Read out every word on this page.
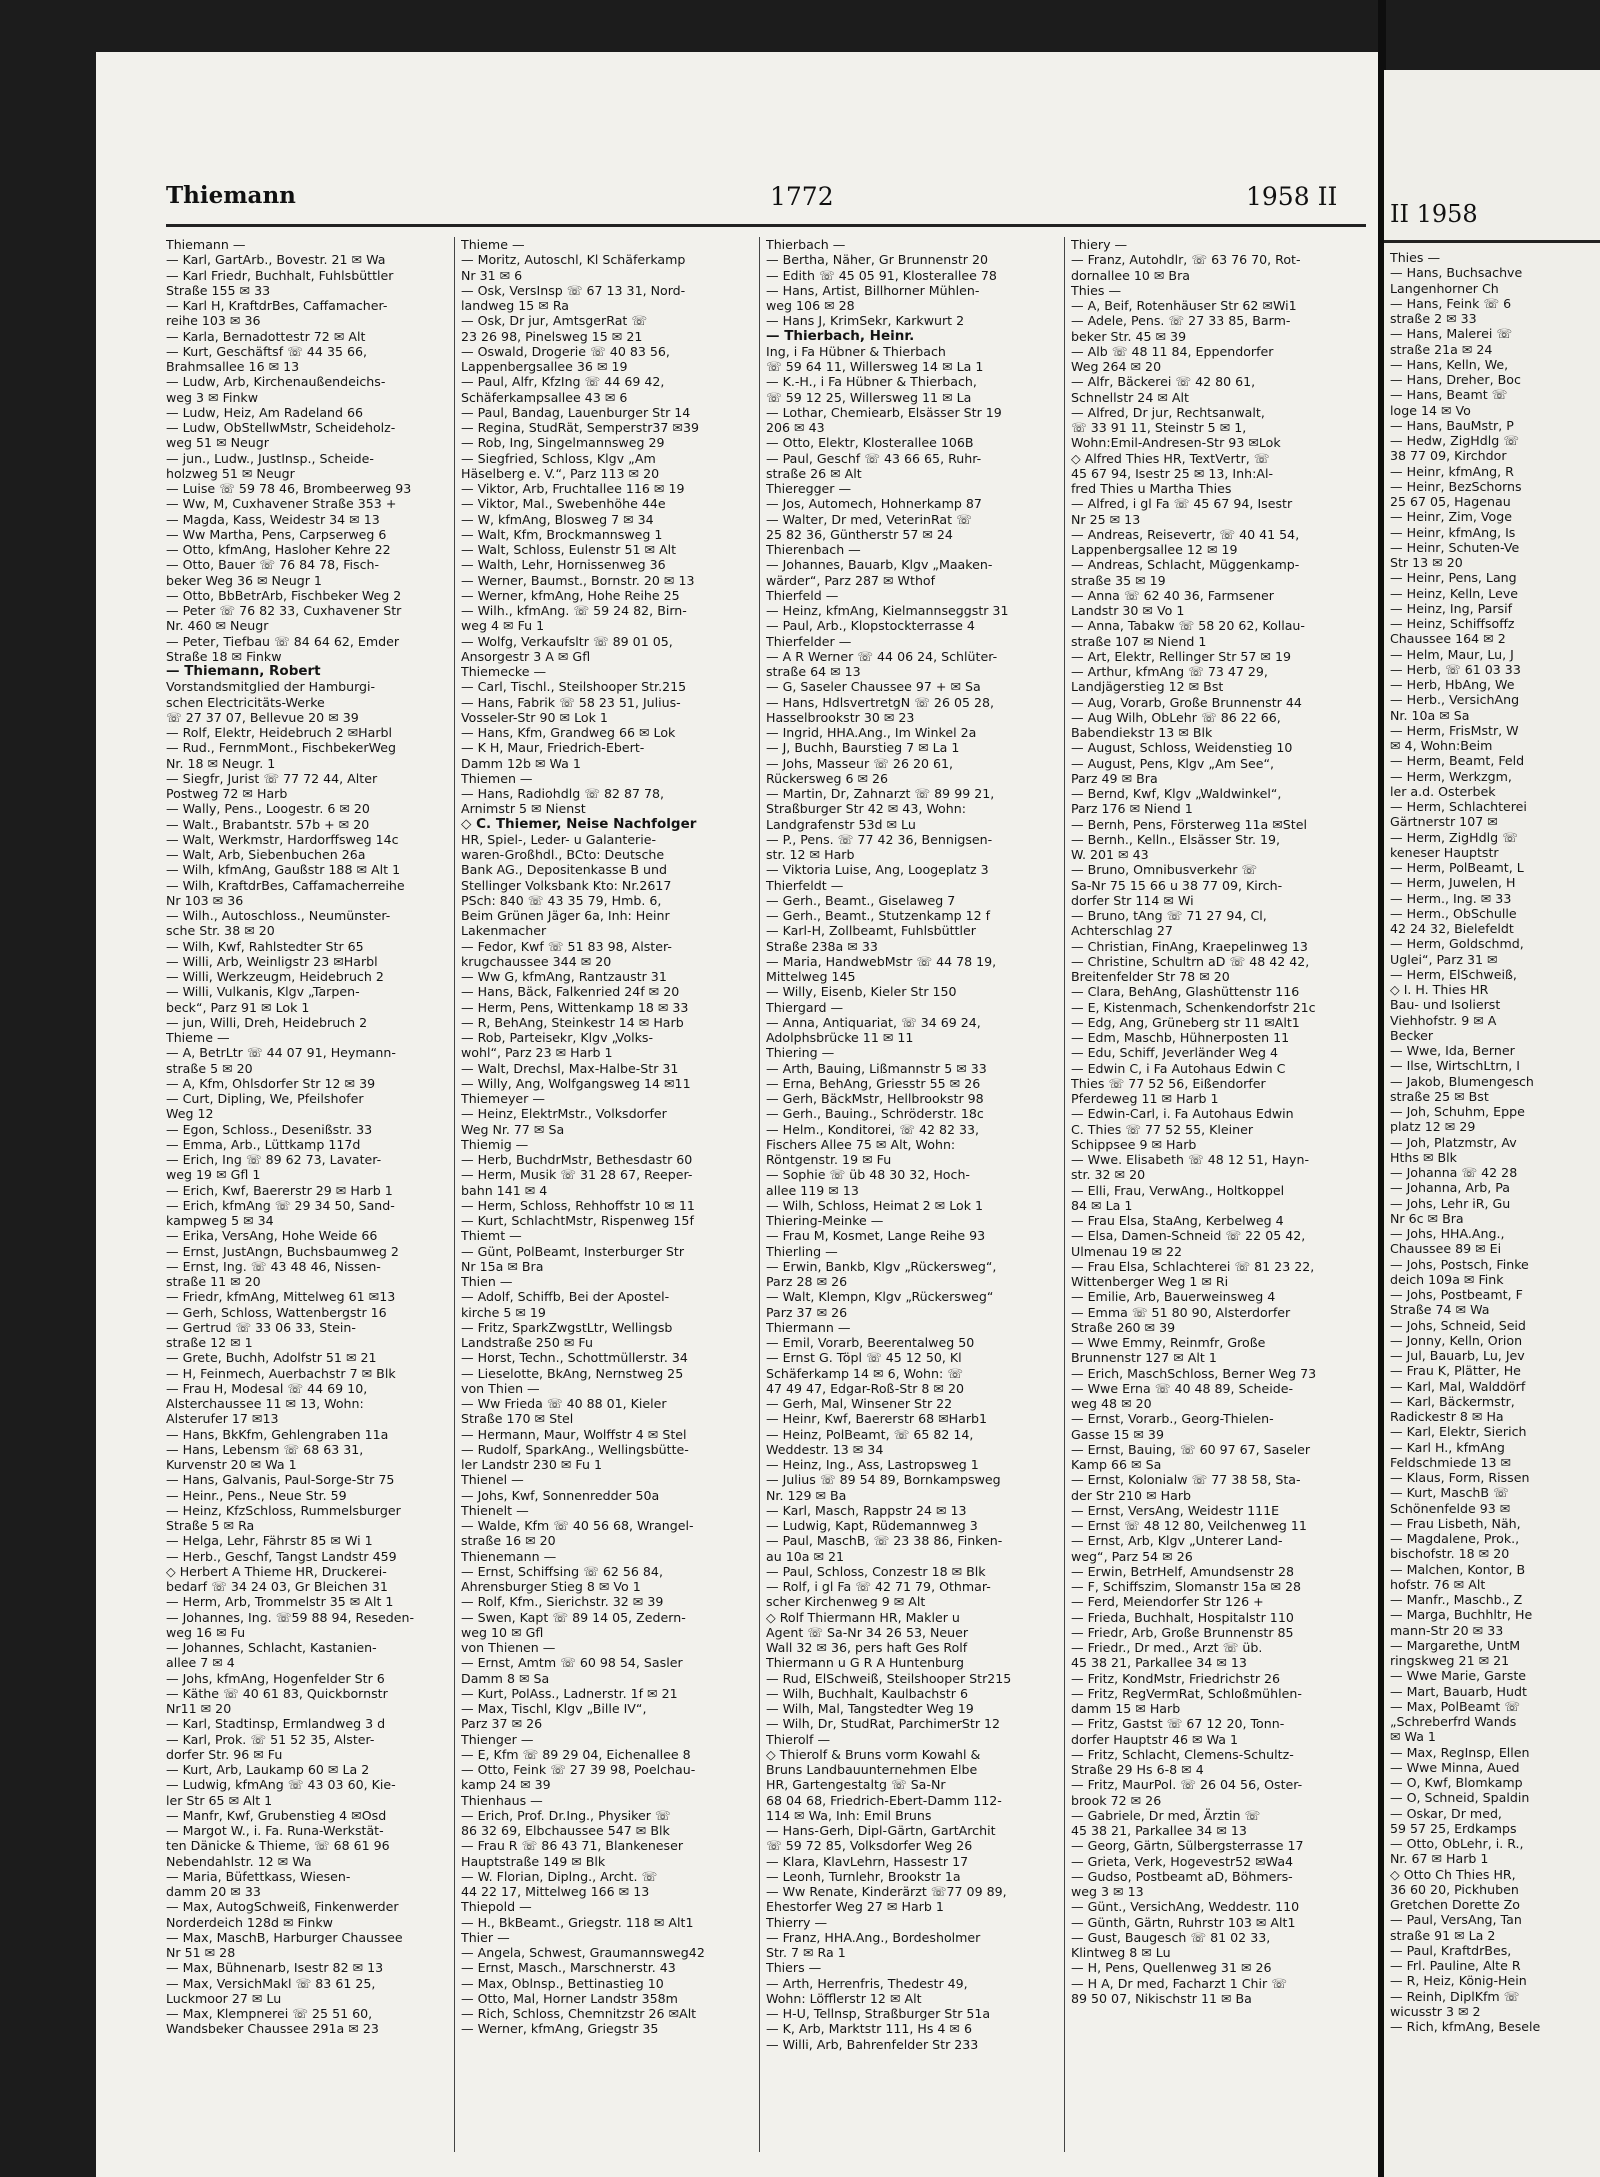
Thiemann	1772	1958 II
Thiemann —
— Karl, GartArb., Bovestr. 21 ✉ Wa
— Karl Friedr, Buchhalt, Fuhlsbüttler
Straße 155 ✉ 33
— Karl H, KraftdrBes, Caffamacher-
reihe 103 ✉ 36
— Karla, Bernadottestr 72 ✉ Alt
— Kurt, Geschäftsf ☏ 44 35 66,
Brahmsallee 16 ✉ 13
— Ludw, Arb, Kirchenaußendeichs-
weg 3 ✉ Finkw
— Ludw, Heiz, Am Radeland 66
— Ludw, ObStellwMstr, Scheideholz-
weg 51 ✉ Neugr
— jun., Ludw., JustInsp., Scheide-
holzweg 51 ✉ Neugr
— Luise ☏ 59 78 46, Brombeerweg 93
— Ww, M, Cuxhavener Straße 353 +
— Magda, Kass, Weidestr 34 ✉ 13
— Ww Martha, Pens, Carpserweg 6
— Otto, kfmAng, Hasloher Kehre 22
— Otto, Bauer ☏ 76 84 78, Fisch-
beker Weg 36 ✉ Neugr 1
— Otto, BbBetrArb, Fischbeker Weg 2
— Peter ☏ 76 82 33, Cuxhavener Str
Nr. 460 ✉ Neugr
— Peter, Tiefbau ☏ 84 64 62, Emder
Straße 18 ✉ Finkw
— Thiemann, Robert
Vorstandsmitglied der Hamburgi-
schen Electricitäts-Werke
☏ 27 37 07, Bellevue 20 ✉ 39
— Rolf, Elektr, Heidebruch 2 ✉Harbl
— Rud., FernmMont., FischbekerWeg
Nr. 18 ✉ Neugr. 1
— Siegfr, Jurist ☏ 77 72 44, Alter
Postweg 72 ✉ Harb
— Wally, Pens., Loogestr. 6 ✉ 20
— Walt., Brabantstr. 57b + ✉ 20
— Walt, Werkmstr, Hardorffsweg 14c
— Walt, Arb, Siebenbuchen 26a
— Wilh, kfmAng, Gaußstr 188 ✉ Alt 1
— Wilh, KraftdrBes, Caffamacherreihe
Nr 103 ✉ 36
— Wilh., Autoschloss., Neumünster-
sche Str. 38 ✉ 20
— Wilh, Kwf, Rahlstedter Str 65
— Willi, Arb, Weinligstr 23 ✉Harbl
— Willi, Werkzeugm, Heidebruch 2
— Willi, Vulkanis, Klgv „Tarpen-
beck“, Parz 91 ✉ Lok 1
— jun, Willi, Dreh, Heidebruch 2
Thieme —
— A, BetrLtr ☏ 44 07 91, Heymann-
straße 5 ✉ 20
— A, Kfm, Ohlsdorfer Str 12 ✉ 39
— Curt, Dipling, We, Pfeilshofer
Weg 12
— Egon, Schloss., Desenißstr. 33
— Emma, Arb., Lüttkamp 117d
— Erich, Ing ☏ 89 62 73, Lavater-
weg 19 ✉ Gfl 1
— Erich, Kwf, Baererstr 29 ✉ Harb 1
— Erich, kfmAng ☏ 29 34 50, Sand-
kampweg 5 ✉ 34
— Erika, VersAng, Hohe Weide 66
— Ernst, JustAngn, Buchsbaumweg 2
— Ernst, Ing. ☏ 43 48 46, Nissen-
straße 11 ✉ 20
— Friedr, kfmAng, Mittelweg 61 ✉13
— Gerh, Schloss, Wattenbergstr 16
— Gertrud ☏ 33 06 33, Stein-
straße 12 ✉ 1
— Grete, Buchh, Adolfstr 51 ✉ 21
— H, Feinmech, Auerbachstr 7 ✉ Blk
— Frau H, Modesal ☏ 44 69 10,
Alsterchaussee 11 ✉ 13, Wohn:
Alsterufer 17 ✉13
— Hans, BkKfm, Gehlengraben 11a
— Hans, Lebensm ☏ 68 63 31,
Kurvenstr 20 ✉ Wa 1
— Hans, Galvanis, Paul-Sorge-Str 75
— Heinr., Pens., Neue Str. 59
— Heinz, KfzSchloss, Rummelsburger
Straße 5 ✉ Ra
— Helga, Lehr, Fährstr 85 ✉ Wi 1
— Herb., Geschf, Tangst Landstr 459
◇ Herbert A Thieme HR, Druckerei-
bedarf ☏ 34 24 03, Gr Bleichen 31
— Herm, Arb, Trommelstr 35 ✉ Alt 1
— Johannes, Ing. ☏59 88 94, Reseden-
weg 16 ✉ Fu
— Johannes, Schlacht, Kastanien-
allee 7 ✉ 4
— Johs, kfmAng, Hogenfelder Str 6
— Käthe ☏ 40 61 83, Quickbornstr
Nr11 ✉ 20
— Karl, Stadtinsp, Ermlandweg 3 d
— Karl, Prok. ☏ 51 52 35, Alster-
dorfer Str. 96 ✉ Fu
— Kurt, Arb, Laukamp 60 ✉ La 2
— Ludwig, kfmAng ☏ 43 03 60, Kie-
ler Str 65 ✉ Alt 1
— Manfr, Kwf, Grubenstieg 4 ✉Osd
— Margot W., i. Fa. Runa-Werkstät-
ten Dänicke & Thieme, ☏ 68 61 96
Nebendahlstr. 12 ✉ Wa
— Maria, Büfettkass, Wiesen-
damm 20 ✉ 33
— Max, AutogSchweiß, Finkenwerder
Norderdeich 128d ✉ Finkw
— Max, MaschB, Harburger Chaussee
Nr 51 ✉ 28
— Max, Bühnenarb, Isestr 82 ✉ 13
— Max, VersichMakl ☏ 83 61 25,
Luckmoor 27 ✉ Lu
— Max, Klempnerei ☏ 25 51 60,
Wandsbeker Chaussee 291a ✉ 23
Thieme —
— Moritz, Autoschl, Kl Schäferkamp
Nr 31 ✉ 6
— Osk, VersInsp ☏ 67 13 31, Nord-
landweg 15 ✉ Ra
— Osk, Dr jur, AmtsgerRat ☏
23 26 98, Pinelsweg 15 ✉ 21
— Oswald, Drogerie ☏ 40 83 56,
Lappenbergsallee 36 ✉ 19
— Paul, Alfr, KfzIng ☏ 44 69 42,
Schäferkampsallee 43 ✉ 6
— Paul, Bandag, Lauenburger Str 14
— Regina, StudRät, Semperstr37 ✉39
— Rob, Ing, Singelmannsweg 29
— Siegfried, Schloss, Klgv „Am
Häselberg e. V.“, Parz 113 ✉ 20
— Viktor, Arb, Fruchtallee 116 ✉ 19
— Viktor, Mal., Swebenhöhe 44e
— W, kfmAng, Blosweg 7 ✉ 34
— Walt, Kfm, Brockmannsweg 1
— Walt, Schloss, Eulenstr 51 ✉ Alt
— Walth, Lehr, Hornissenweg 36
— Werner, Baumst., Bornstr. 20 ✉ 13
— Werner, kfmAng, Hohe Reihe 25
— Wilh., kfmAng. ☏ 59 24 82, Birn-
weg 4 ✉ Fu 1
— Wolfg, Verkaufsltr ☏ 89 01 05,
Ansorgestr 3 A ✉ Gfl
Thiemecke —
— Carl, Tischl., Steilshooper Str.215
— Hans, Fabrik ☏ 58 23 51, Julius-
Vosseler-Str 90 ✉ Lok 1
— Hans, Kfm, Grandweg 66 ✉ Lok
— K H, Maur, Friedrich-Ebert-
Damm 12b ✉ Wa 1
Thiemen —
— Hans, Radiohdlg ☏ 82 87 78,
Arnimstr 5 ✉ Nienst
◇ C. Thiemer, Neise Nachfolger
HR, Spiel-, Leder- u Galanterie-
waren-Großhdl., BCto: Deutsche
Bank AG., Depositenkasse B und
Stellinger Volksbank Kto: Nr.2617
PSch: 840 ☏ 43 35 79, Hmb. 6,
Beim Grünen Jäger 6a, Inh: Heinr
Lakenmacher
— Fedor, Kwf ☏ 51 83 98, Alster-
krugchaussee 344 ✉ 20
— Ww G, kfmAng, Rantzaustr 31
— Hans, Bäck, Falkenried 24f ✉ 20
— Herm, Pens, Wittenkamp 18 ✉ 33
— R, BehAng, Steinkestr 14 ✉ Harb
— Rob, Parteisekr, Klgv „Volks-
wohl“, Parz 23 ✉ Harb 1
— Walt, Drechsl, Max-Halbe-Str 31
— Willy, Ang, Wolfgangsweg 14 ✉11
Thiemeyer —
— Heinz, ElektrMstr., Volksdorfer
Weg Nr. 77 ✉ Sa
Thiemig —
— Herb, BuchdrMstr, Bethesdastr 60
— Herm, Musik ☏ 31 28 67, Reeper-
bahn 141 ✉ 4
— Herm, Schloss, Rehhoffstr 10 ✉ 11
— Kurt, SchlachtMstr, Rispenweg 15f
Thiemt —
— Günt, PolBeamt, Insterburger Str
Nr 15a ✉ Bra
Thien —
— Adolf, Schiffb, Bei der Apostel-
kirche 5 ✉ 19
— Fritz, SparkZwgstLtr, Wellingsb
Landstraße 250 ✉ Fu
— Horst, Techn., Schottmüllerstr. 34
— Lieselotte, BkAng, Nernstweg 25
von Thien —
— Ww Frieda ☏ 40 88 01, Kieler
Straße 170 ✉ Stel
— Hermann, Maur, Wolffstr 4 ✉ Stel
— Rudolf, SparkAng., Wellingsbütte-
ler Landstr 230 ✉ Fu 1
Thienel —
— Johs, Kwf, Sonnenredder 50a
Thienelt —
— Walde, Kfm ☏ 40 56 68, Wrangel-
straße 16 ✉ 20
Thienemann —
— Ernst, Schiffsing ☏ 62 56 84,
Ahrensburger Stieg 8 ✉ Vo 1
— Rolf, Kfm., Sierichstr. 32 ✉ 39
— Swen, Kapt ☏ 89 14 05, Zedern-
weg 10 ✉ Gfl
von Thienen —
— Ernst, Amtm ☏ 60 98 54, Sasler
Damm 8 ✉ Sa
— Kurt, PolAss., Ladnerstr. 1f ✉ 21
— Max, Tischl, Klgv „Bille IV“,
Parz 37 ✉ 26
Thienger —
— E, Kfm ☏ 89 29 04, Eichenallee 8
— Otto, Feink ☏ 27 39 98, Poelchau-
kamp 24 ✉ 39
Thienhaus —
— Erich, Prof. Dr.Ing., Physiker ☏
86 32 69, Elbchaussee 547 ✉ Blk
— Frau R ☏ 86 43 71, Blankeneser
Hauptstraße 149 ✉ Blk
— W. Florian, Diplng., Archt. ☏
44 22 17, Mittelweg 166 ✉ 13
Thiepold —
— H., BkBeamt., Griegstr. 118 ✉ Alt1
Thier —
— Angela, Schwest, Graumannsweg42
— Ernst, Masch., Marschnerstr. 43
— Max, Oblnsp., Bettinastieg 10
— Otto, Mal, Horner Landstr 358m
— Rich, Schloss, Chemnitzstr 26 ✉Alt
— Werner, kfmAng, Griegstr 35
Thierbach —
— Bertha, Näher, Gr Brunnenstr 20
— Edith ☏ 45 05 91, Klosterallee 78
— Hans, Artist, Billhorner Mühlen-
weg 106 ✉ 28
— Hans J, KrimSekr, Karkwurt 2
— Thierbach, Heinr.
Ing, i Fa Hübner & Thierbach
☏ 59 64 11, Willersweg 14 ✉ La 1
— K.-H., i Fa Hübner & Thierbach,
☏ 59 12 25, Willersweg 11 ✉ La
— Lothar, Chemiearb, Elsässer Str 19
206 ✉ 43
— Otto, Elektr, Klosterallee 106B
— Paul, Geschf ☏ 43 66 65, Ruhr-
straße 26 ✉ Alt
Thieregger —
— Jos, Automech, Hohnerkamp 87
— Walter, Dr med, VeterinRat ☏
25 82 36, Güntherstr 57 ✉ 24
Thierenbach —
— Johannes, Bauarb, Klgv „Maaken-
wärder“, Parz 287 ✉ Wthof
Thierfeld —
— Heinz, kfmAng, Kielmannseggstr 31
— Paul, Arb., Klopstockterrasse 4
Thierfelder —
— A R Werner ☏ 44 06 24, Schlüter-
straße 64 ✉ 13
— G, Saseler Chaussee 97 + ✉ Sa
— Hans, HdlsvertretgN ☏ 26 05 28,
Hasselbrookstr 30 ✉ 23
— Ingrid, HHA.Ang., Im Winkel 2a
— J, Buchh, Baurstieg 7 ✉ La 1
— Johs, Masseur ☏ 26 20 61,
Rückersweg 6 ✉ 26
— Martin, Dr, Zahnarzt ☏ 89 99 21,
Straßburger Str 42 ✉ 43, Wohn:
Landgrafenstr 53d ✉ Lu
— P., Pens. ☏ 77 42 36, Bennigsen-
str. 12 ✉ Harb
— Viktoria Luise, Ang, Loogeplatz 3
Thierfeldt —
— Gerh., Beamt., Giselaweg 7
— Gerh., Beamt., Stutzenkamp 12 f
— Karl-H, Zollbeamt, Fuhlsbüttler
Straße 238a ✉ 33
— Maria, HandwebMstr ☏ 44 78 19,
Mittelweg 145
— Willy, Eisenb, Kieler Str 150
Thiergard —
— Anna, Antiquariat, ☏ 34 69 24,
Adolphsbrücke 11 ✉ 11
Thiering —
— Arth, Bauing, Lißmannstr 5 ✉ 33
— Erna, BehAng, Griesstr 55 ✉ 26
— Gerh, BäckMstr, Hellbrookstr 98
— Gerh., Bauing., Schröderstr. 18c
— Helm., Konditorei, ☏ 42 82 33,
Fischers Allee 75 ✉ Alt, Wohn:
Röntgenstr. 19 ✉ Fu
— Sophie ☏ üb 48 30 32, Hoch-
allee 119 ✉ 13
— Wilh, Schloss, Heimat 2 ✉ Lok 1
Thiering-Meinke —
— Frau M, Kosmet, Lange Reihe 93
Thierling —
— Erwin, Bankb, Klgv „Rückersweg“,
Parz 28 ✉ 26
— Walt, Klempn, Klgv „Rückersweg“
Parz 37 ✉ 26
Thiermann —
— Emil, Vorarb, Beerentalweg 50
— Ernst G. Töpl ☏ 45 12 50, Kl
Schäferkamp 14 ✉ 6, Wohn: ☏
47 49 47, Edgar-Roß-Str 8 ✉ 20
— Gerh, Mal, Winsener Str 22
— Heinr, Kwf, Baererstr 68 ✉Harb1
— Heinz, PolBeamt, ☏ 65 82 14,
Weddestr. 13 ✉ 34
— Heinz, Ing., Ass, Lastropsweg 1
— Julius ☏ 89 54 89, Bornkampsweg
Nr. 129 ✉ Ba
— Karl, Masch, Rappstr 24 ✉ 13
— Ludwig, Kapt, Rüdemannweg 3
— Paul, MaschB, ☏ 23 38 86, Finken-
au 10a ✉ 21
— Paul, Schloss, Conzestr 18 ✉ Blk
— Rolf, i gl Fa ☏ 42 71 79, Othmar-
scher Kirchenweg 9 ✉ Alt
◇ Rolf Thiermann HR, Makler u
Agent ☏ Sa-Nr 34 26 53, Neuer
Wall 32 ✉ 36, pers haft Ges Rolf
Thiermann u G R A Huntenburg
— Rud, ElSchweiß, Steilshooper Str215
— Wilh, Buchhalt, Kaulbachstr 6
— Wilh, Mal, Tangstedter Weg 19
— Wilh, Dr, StudRat, ParchimerStr 12
Thierolf —
◇ Thierolf & Bruns vorm Kowahl &
Bruns Landbauunternehmen Elbe
HR, Gartengestaltg ☏ Sa-Nr
68 04 68, Friedrich-Ebert-Damm 112-
114 ✉ Wa, Inh: Emil Bruns
— Hans-Gerh, Dipl-Gärtn, GartArchit
☏ 59 72 85, Volksdorfer Weg 26
— Klara, KlavLehrn, Hassestr 17
— Leonh, Turnlehr, Brookstr 1a
— Ww Renate, Kinderärzt ☏77 09 89,
Ehestorfer Weg 27 ✉ Harb 1
Thierry —
— Franz, HHA.Ang., Bordesholmer
Str. 7 ✉ Ra 1
Thiers —
— Arth, Herrenfris, Thedestr 49,
Wohn: Löfflerstr 12 ✉ Alt
— H-U, Tellnsp, Straßburger Str 51a
— K, Arb, Marktstr 111, Hs 4 ✉ 6
— Willi, Arb, Bahrenfelder Str 233
Thiery —
— Franz, Autohdlr, ☏ 63 76 70, Rot-
dornallee 10 ✉ Bra
Thies —
— A, Beif, Rotenhäuser Str 62 ✉Wi1
— Adele, Pens. ☏ 27 33 85, Barm-
beker Str. 45 ✉ 39
— Alb ☏ 48 11 84, Eppendorfer
Weg 264 ✉ 20
— Alfr, Bäckerei ☏ 42 80 61,
Schnellstr 24 ✉ Alt
— Alfred, Dr jur, Rechtsanwalt,
☏ 33 91 11, Steinstr 5 ✉ 1,
Wohn:Emil-Andresen-Str 93 ✉Lok
◇ Alfred Thies HR, TextVertr, ☏
45 67 94, Isestr 25 ✉ 13, Inh:Al-
fred Thies u Martha Thies
— Alfred, i gl Fa ☏ 45 67 94, Isestr
Nr 25 ✉ 13
— Andreas, Reisevertr, ☏ 40 41 54,
Lappenbergsallee 12 ✉ 19
— Andreas, Schlacht, Müggenkamp-
straße 35 ✉ 19
— Anna ☏ 62 40 36, Farmsener
Landstr 30 ✉ Vo 1
— Anna, Tabakw ☏ 58 20 62, Kollau-
straße 107 ✉ Niend 1
— Art, Elektr, Rellinger Str 57 ✉ 19
— Arthur, kfmAng ☏ 73 47 29,
Landjägerstieg 12 ✉ Bst
— Aug, Vorarb, Große Brunnenstr 44
— Aug Wilh, ObLehr ☏ 86 22 66,
Babendiekstr 13 ✉ Blk
— August, Schloss, Weidenstieg 10
— August, Pens, Klgv „Am See“,
Parz 49 ✉ Bra
— Bernd, Kwf, Klgv „Waldwinkel“,
Parz 176 ✉ Niend 1
— Bernh, Pens, Försterweg 11a ✉Stel
— Bernh., Kelln., Elsässer Str. 19,
W. 201 ✉ 43
— Bruno, Omnibusverkehr ☏
Sa-Nr 75 15 66 u 38 77 09, Kirch-
dorfer Str 114 ✉ Wi
— Bruno, tAng ☏ 71 27 94, Cl,
Achterschlag 27
— Christian, FinAng, Kraepelinweg 13
— Christine, Schultrn aD ☏ 48 42 42,
Breitenfelder Str 78 ✉ 20
— Clara, BehAng, Glashüttenstr 116
— E, Kistenmach, Schenkendorfstr 21c
— Edg, Ang, Grüneberg str 11 ✉Alt1
— Edm, Maschb, Hühnerposten 11
— Edu, Schiff, Jeverländer Weg 4
— Edwin C, i Fa Autohaus Edwin C
Thies ☏ 77 52 56, Eißendorfer
Pferdeweg 11 ✉ Harb 1
— Edwin-Carl, i. Fa Autohaus Edwin
C. Thies ☏ 77 52 55, Kleiner
Schippsee 9 ✉ Harb
— Wwe. Elisabeth ☏ 48 12 51, Hayn-
str. 32 ✉ 20
— Elli, Frau, VerwAng., Holtkoppel
84 ✉ La 1
— Frau Elsa, StaAng, Kerbelweg 4
— Elsa, Damen-Schneid ☏ 22 05 42,
Ulmenau 19 ✉ 22
— Frau Elsa, Schlachterei ☏ 81 23 22,
Wittenberger Weg 1 ✉ Ri
— Emilie, Arb, Bauerweinsweg 4
— Emma ☏ 51 80 90, Alsterdorfer
Straße 260 ✉ 39
— Wwe Emmy, Reinmfr, Große
Brunnenstr 127 ✉ Alt 1
— Erich, MaschSchloss, Berner Weg 73
— Wwe Erna ☏ 40 48 89, Scheide-
weg 48 ✉ 20
— Ernst, Vorarb., Georg-Thielen-
Gasse 15 ✉ 39
— Ernst, Bauing, ☏ 60 97 67, Saseler
Kamp 66 ✉ Sa
— Ernst, Kolonialw ☏ 77 38 58, Sta-
der Str 210 ✉ Harb
— Ernst, VersAng, Weidestr 111E
— Ernst ☏ 48 12 80, Veilchenweg 11
— Ernst, Arb, Klgv „Unterer Land-
weg“, Parz 54 ✉ 26
— Erwin, BetrHelf, Amundsenstr 28
— F, Schiffszim, Slomanstr 15a ✉ 28
— Ferd, Meiendorfer Str 126 +
— Frieda, Buchhalt, Hospitalstr 110
— Friedr, Arb, Große Brunnenstr 85
— Friedr., Dr med., Arzt ☏ üb.
45 38 21, Parkallee 34 ✉ 13
— Fritz, KondMstr, Friedrichstr 26
— Fritz, RegVermRat, Schloßmühlen-
damm 15 ✉ Harb
— Fritz, Gastst ☏ 67 12 20, Tonn-
dorfer Hauptstr 46 ✉ Wa 1
— Fritz, Schlacht, Clemens-Schultz-
Straße 29 Hs 6-8 ✉ 4
— Fritz, MaurPol. ☏ 26 04 56, Oster-
brook 72 ✉ 26
— Gabriele, Dr med, Ärztin ☏
45 38 21, Parkallee 34 ✉ 13
— Georg, Gärtn, Sülbergsterrasse 17
— Grieta, Verk, Hogevestr52 ✉Wa4
— Gudso, Postbeamt aD, Böhmers-
weg 3 ✉ 13
— Günt., VersichAng, Weddestr. 110
— Günth, Gärtn, Ruhrstr 103 ✉ Alt1
— Gust, Baugesch ☏ 81 02 33,
Klintweg 8 ✉ Lu
— H, Pens, Quellenweg 31 ✉ 26
— H A, Dr med, Facharzt 1 Chir ☏
89 50 07, Nikischstr 11 ✉ Ba
II 1958
Thies —
— Hans, Buchsachve
Langenhorner Ch
— Hans, Feink ☏ 6
straße 2 ✉ 33
— Hans, Malerei ☏
straße 21a ✉ 24
— Hans, Kelln, We,
— Hans, Dreher, Boc
— Hans, Beamt ☏
loge 14 ✉ Vo
— Hans, BauMstr, P
— Hedw, ZigHdlg ☏
38 77 09, Kirchdor
— Heinr, kfmAng, R
— Heinr, BezSchorns
25 67 05, Hagenau
— Heinr, Zim, Voge
— Heinr, kfmAng, Is
— Heinr, Schuten-Ve
Str 13 ✉ 20
— Heinr, Pens, Lang
— Heinz, Kelln, Leve
— Heinz, Ing, Parsif
— Heinz, Schiffsoffz
Chaussee 164 ✉ 2
— Helm, Maur, Lu, J
— Herb, ☏ 61 03 33
— Herb, HbAng, We
— Herb., VersichAng
Nr. 10a ✉ Sa
— Herm, FrisMstr, W
✉ 4, Wohn:Beim
— Herm, Beamt, Feld
— Herm, Werkzgm,
ler a.d. Osterbek
— Herm, Schlachterei
Gärtnerstr 107 ✉
— Herm, ZigHdlg ☏
keneser Hauptstr
— Herm, PolBeamt, L
— Herm, Juwelen, H
— Herm., Ing. ✉ 33
— Herm., ObSchulle
42 24 32, Bielefeldt
— Herm, Goldschmd,
Ugleі“, Parz 31 ✉
— Herm, ElSchweiß,
◇ I. H. Thies HR
Bau- und Isolierst
Viehhofstr. 9 ✉ A
Becker
— Wwe, Ida, Berner
— Ilse, WirtschLtrn, I
— Jakob, Blumengesch
straße 25 ✉ Bst
— Joh, Schuhm, Eppe
platz 12 ✉ 29
— Joh, Platzmstr, Av
Hths ✉ Blk
— Johanna ☏ 42 28
— Johanna, Arb, Pa
— Johs, Lehr iR, Gu
Nr 6c ✉ Bra
— Johs, HHA.Ang.,
Chaussee 89 ✉ Ei
— Johs, Postsch, Finke
deich 109a ✉ Fink
— Johs, Postbeamt, F
Straße 74 ✉ Wa
— Johs, Schneid, Seid
— Jonny, Kelln, Orion
— Jul, Bauarb, Lu, Jev
— Frau K, Plätter, He
— Karl, Mal, Walddörf
— Karl, Bäckermstr,
Radickestr 8 ✉ Ha
— Karl, Elektr, Sierich
— Karl H., kfmAng
Feldschmiede 13 ✉
— Klaus, Form, Rissen
— Kurt, MaschB ☏
Schönenfelde 93 ✉
— Frau Lisbeth, Näh,
— Magdalene, Prok.,
bischofstr. 18 ✉ 20
— Malchen, Kontor, B
hofstr. 76 ✉ Alt
— Manfr., Maschb., Z
— Marga, Buchhltr, He
mann-Str 20 ✉ 33
— Margarethe, UntM
ringskweg 21 ✉ 21
— Wwe Marie, Garste
— Mart, Bauarb, Hudt
— Max, PolBeamt ☏
„Schreberfrd Wands
✉ Wa 1
— Max, RegInsp, Ellen
— Wwe Minna, Aued
— O, Kwf, Blomkamp
— O, Schneid, Spaldin
— Oskar, Dr med,
59 57 25, Erdkamps
— Otto, ObLehr, i. R.,
Nr. 67 ✉ Harb 1
◇ Otto Ch Thies HR,
36 60 20, Pickhuben
Gretchen Dorette Zo
— Paul, VersAng, Tan
straße 91 ✉ La 2
— Paul, KraftdrBes,
— Frl. Pauline, Alte R
— R, Heiz, König-Hein
— Reinh, DiplKfm ☏
wicusstr 3 ✉ 2
— Rich, kfmAng, Besele
